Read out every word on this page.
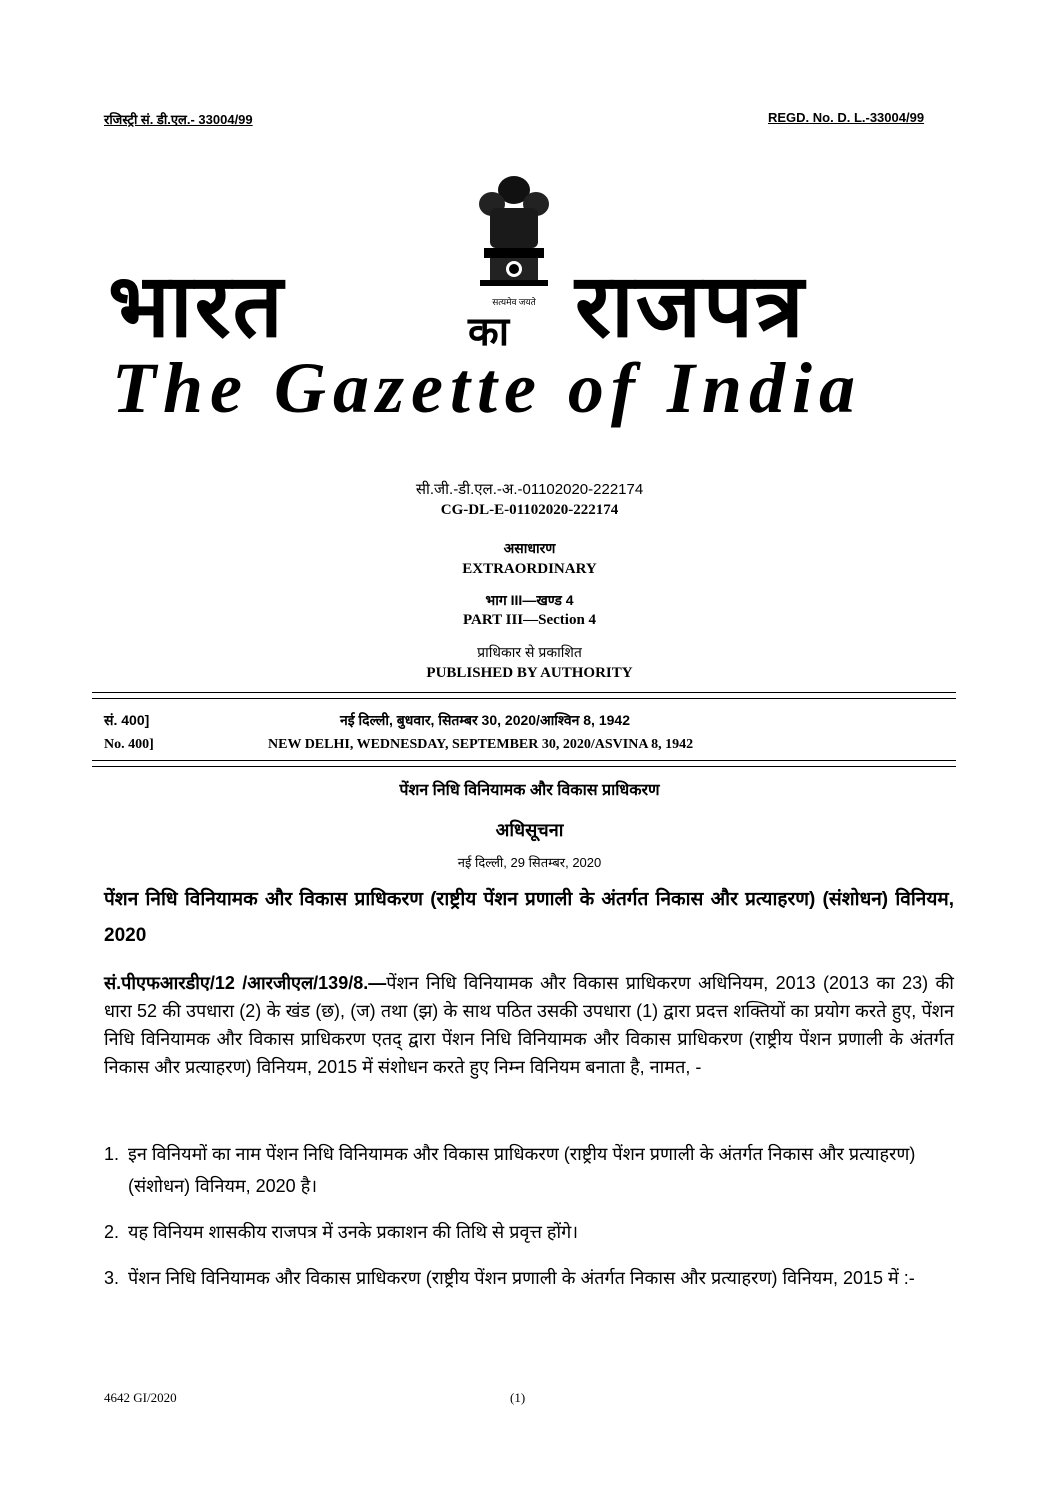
रजिस्ट्री सं. डी.एल.- 33004/99	REGD. No. D. L.-33004/99
सत्यमेव जयते
भारत	का राजपत्र
The Gazette of India
सी.जी.-डी.एल.-अ.-01102020-222174
CG-DL-E-01102020-222174
असाधारण
EXTRAORDINARY
भाग III—खण्ड 4
PART III—Section 4
प्राधिकार से प्रकाशित
PUBLISHED BY AUTHORITY
सं. 400]	नई दिल्ली, बुधवार, सितम्बर 30, 2020/आश्विन 8, 1942
No. 400]	NEW DELHI, WEDNESDAY, SEPTEMBER 30, 2020/ASVINA 8, 1942
पेंशन निधि विनियामक और विकास प्राधिकरण
अधिसूचना
नई दिल्ली, 29 सितम्बर, 2020
पेंशन निधि विनियामक और विकास प्राधिकरण (राष्ट्रीय पेंशन प्रणाली के अंतर्गत निकास और प्रत्याहरण) (संशोधन) विनियम, 2020
सं.पीएफआरडीए/12 /आरजीएल/139/8.—पेंशन निधि विनियामक और विकास प्राधिकरण अधिनियम, 2013 (2013 का 23) की धारा 52 की उपधारा (2) के खंड (छ), (ज) तथा (झ) के साथ पठित उसकी उपधारा (1) द्वारा प्रदत्त शक्तियों का प्रयोग करते हुए, पेंशन निधि विनियामक और विकास प्राधिकरण एतद् द्वारा पेंशन निधि विनियामक और विकास प्राधिकरण (राष्ट्रीय पेंशन प्रणाली के अंतर्गत निकास और प्रत्याहरण) विनियम, 2015 में संशोधन करते हुए निम्न विनियम बनाता है, नामत, -
1. इन विनियमों का नाम पेंशन निधि विनियामक और विकास प्राधिकरण (राष्ट्रीय पेंशन प्रणाली के अंतर्गत निकास और प्रत्याहरण) (संशोधन) विनियम, 2020 है।
2. यह विनियम शासकीय राजपत्र में उनके प्रकाशन की तिथि से प्रवृत्त होंगे।
3. पेंशन निधि विनियामक और विकास प्राधिकरण (राष्ट्रीय पेंशन प्रणाली के अंतर्गत निकास और प्रत्याहरण) विनियम, 2015 में :-
4642 GI/2020	(1)
